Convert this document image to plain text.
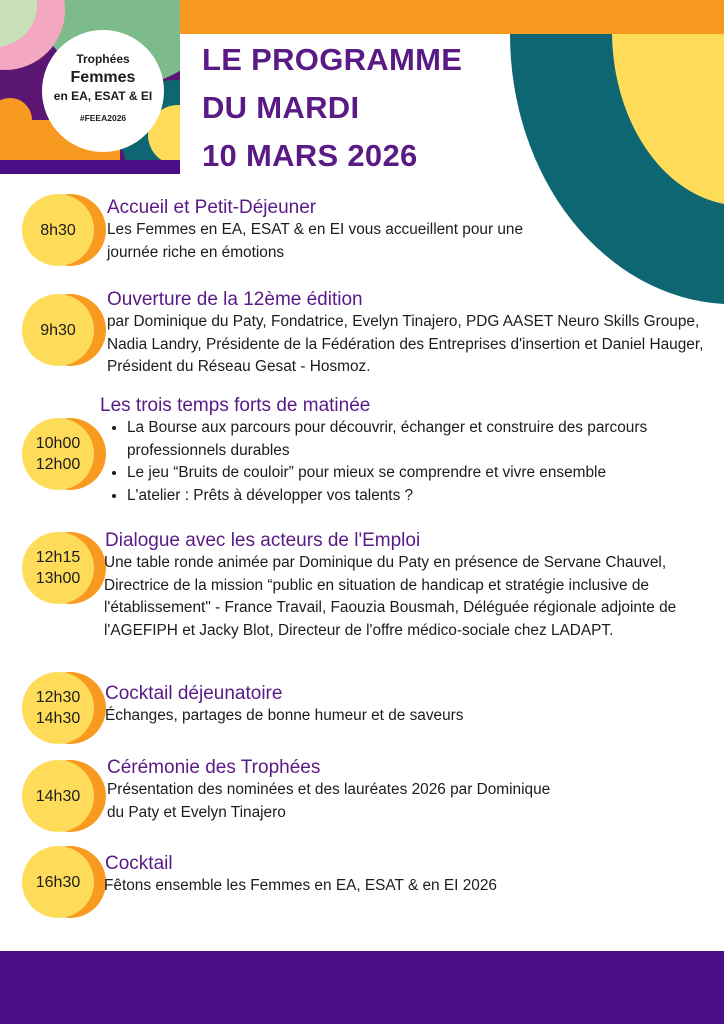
Trophées
Femmes
en EA, ESAT & EI
#FEEA2026
LE PROGRAMME
DU MARDI
10 MARS 2026
8h30
Accueil et Petit-Déjeuner

Les Femmes en EA, ESAT & en EI vous accueillent pour une journée riche en émotions

9h30
Ouverture de la 12ème édition

par Dominique du Paty, Fondatrice, Evelyn Tinajero, PDG AASET Neuro Skills Groupe, Nadia Landry, Présidente de la Fédération des Entreprises d'insertion et Daniel Hauger, Président du Réseau Gesat - Hosmoz.

10h00
12h00
Les trois temps forts de matinée
• La Bourse aux parcours pour découvrir, échanger et construire des parcours professionnels durables
• Le jeu “Bruits de couloir” pour mieux se comprendre et vivre ensemble
• L'atelier : Prêts à développer vos talents ?
12h15
13h00
Dialogue avec les acteurs de l'Emploi

Une table ronde animée par Dominique du Paty en présence de Servane Chauvel, Directrice de la mission “public en situation de handicap et stratégie inclusive de l'établissement" - France Travail, Faouzia Bousmah, Déléguée régionale adjointe de l'AGEFIPH et Jacky Blot, Directeur de l'offre médico-sociale chez LADAPT.

12h30
14h30
Cocktail déjeunatoire

Échanges, partages de bonne humeur et de saveurs

14h30
Cérémonie des Trophées

Présentation des nominées et des lauréates 2026 par Dominique du Paty et Evelyn Tinajero

16h30
Cocktail

Fêtons ensemble les Femmes en EA, ESAT & en EI 2026
